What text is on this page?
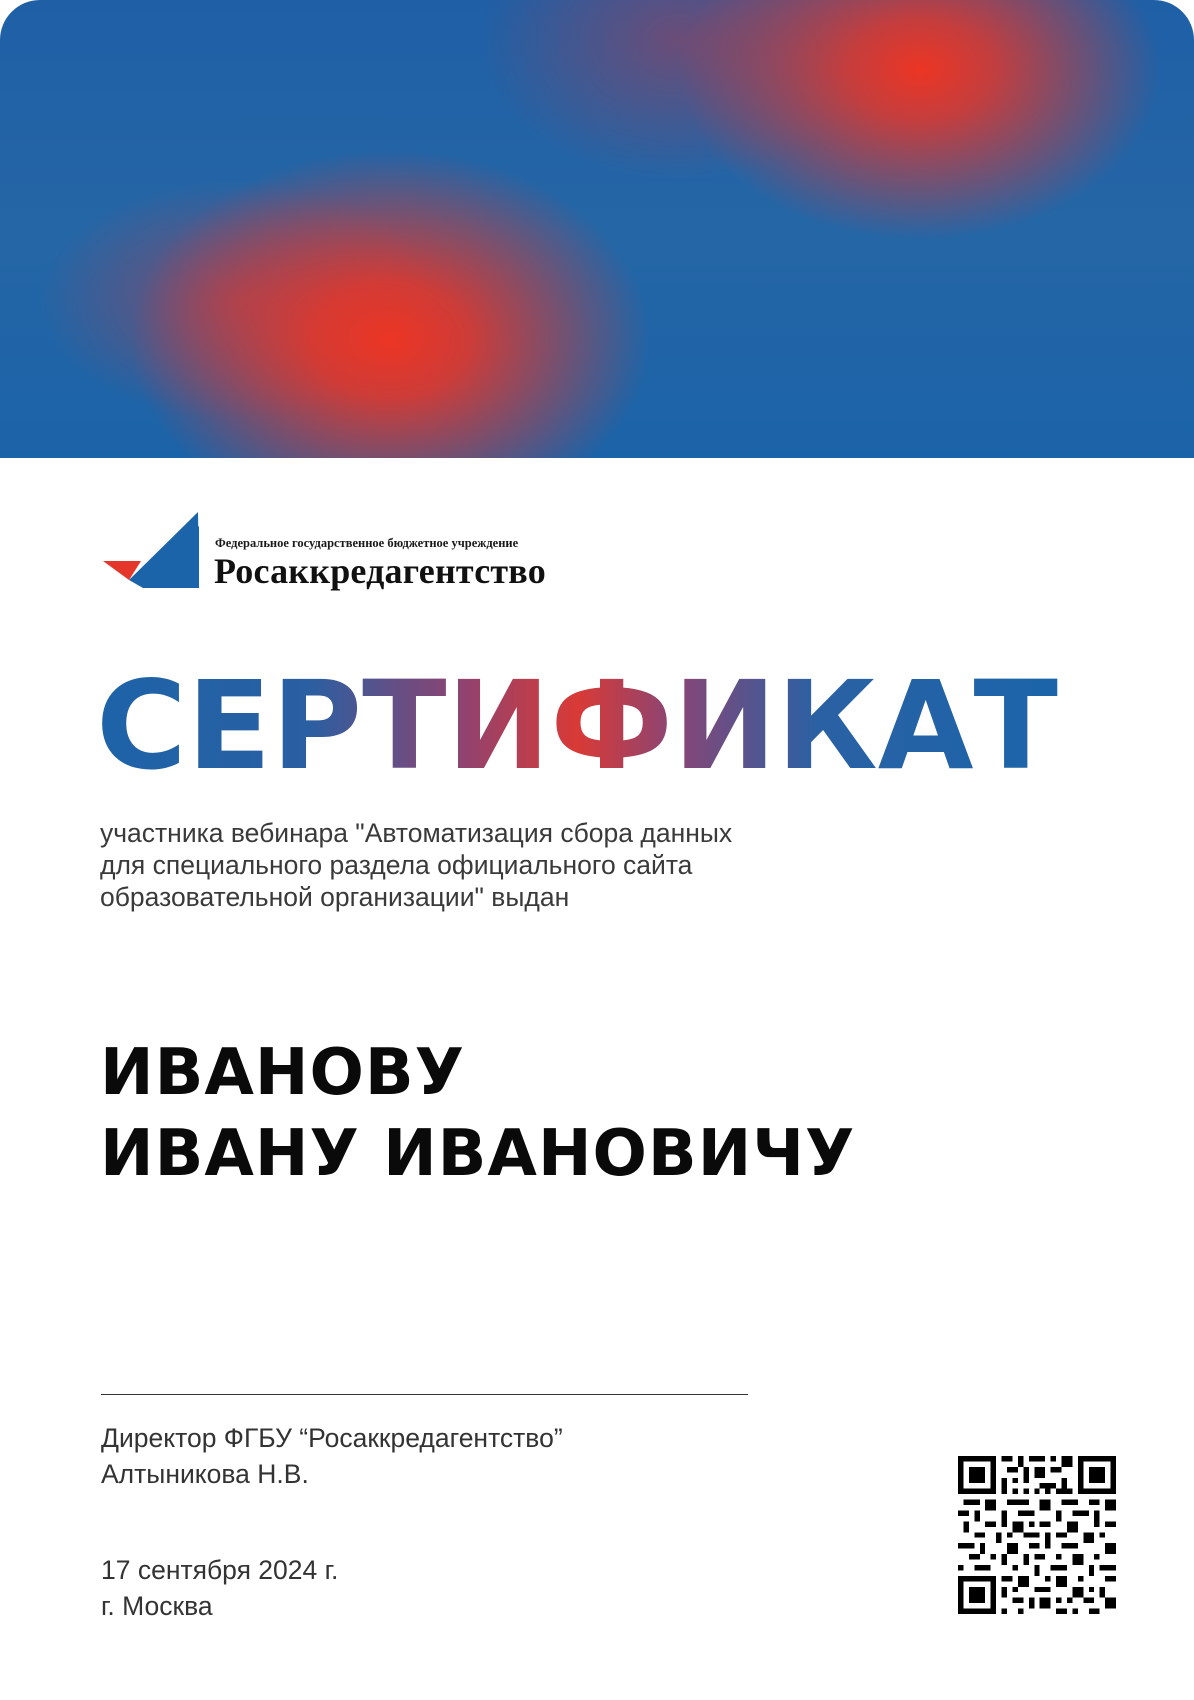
Федеральное государственное бюджетное учреждение
Росаккредагентство
СЕРТИФИКАТ
участника вебинара "Автоматизация сбора данных
для специального раздела официального сайта
образовательной организации" выдан
ИВАНОВУ
ИВАНУ ИВАНОВИЧУ
Директор ФГБУ “Росаккредагентство”
Алтыникова Н.В.
17 сентября 2024 г.
г. Москва
